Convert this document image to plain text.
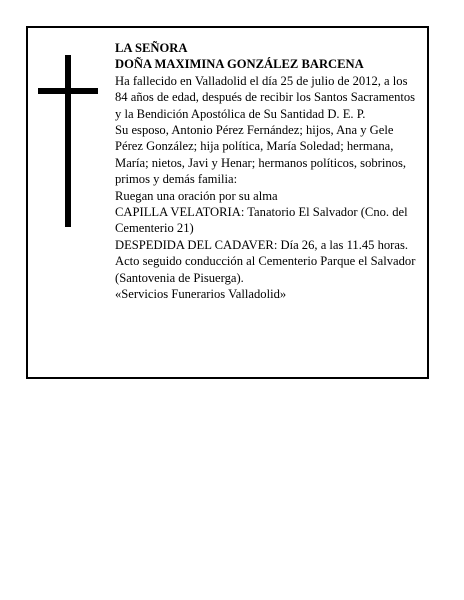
LA SEÑORA

DOÑA MAXIMINA GONZÁLEZ BARCENA

Ha fallecido en Valladolid el día 25 de julio de 2012, a los 84 años de edad, después de recibir los Santos Sacramentos y la Bendición Apostólica de Su Santidad D. E. P.

Su esposo, Antonio Pérez Fernández; hijos, Ana y Gele Pérez González; hija política, María Soledad; hermana, María; nietos, Javi y Henar; hermanos políticos, sobrinos, primos y demás familia:

Ruegan una oración por su alma

CAPILLA VELATORIA: Tanatorio El Salvador (Cno. del Cementerio 21)

DESPEDIDA DEL CADAVER: Día 26, a las 11.45 horas. Acto seguido conducción al Cementerio Parque el Salvador (Santovenia de Pisuerga).

«Servicios Funerarios Valladolid»
